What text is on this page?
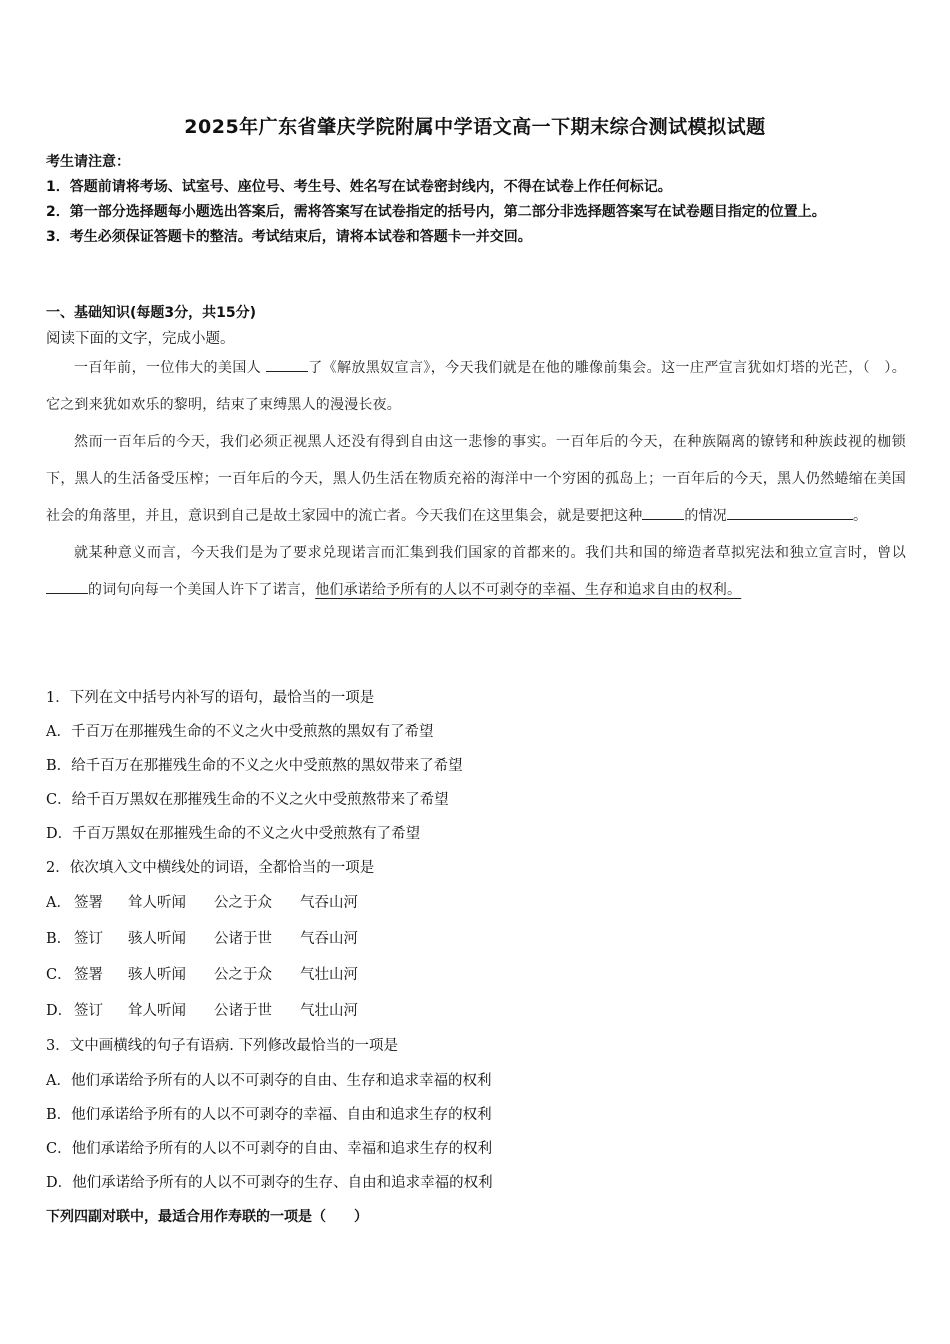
2025年广东省肇庆学院附属中学语文高一下期末综合测试模拟试题
考生请注意：
1．答题前请将考场、试室号、座位号、考生号、姓名写在试卷密封线内，不得在试卷上作任何标记。
2．第一部分选择题每小题选出答案后，需将答案写在试卷指定的括号内，第二部分非选择题答案写在试卷题目指定的位置上。
3．考生必须保证答题卡的整洁。考试结束后，请将本试卷和答题卡一并交回。
一、基础知识(每题3分，共15分)
阅读下面的文字，完成小题。

一百年前，一位伟大的美国人	了《解放黑奴宣言》，今天我们就是在他的雕像前集会。这一庄严宣言犹如灯塔的光芒，（　）。它之到来犹如欢乐的黎明，结束了束缚黑人的漫漫长夜。

然而一百年后的今天，我们必须正视黑人还没有得到自由这一悲惨的事实。一百年后的今天，在种族隔离的镣铐和种族歧视的枷锁下，黑人的生活备受压榨；一百年后的今天，黑人仍生活在物质充裕的海洋中一个穷困的孤岛上；一百年后的今天，黑人仍然蜷缩在美国社会的角落里，并且，意识到自己是故土家园中的流亡者。今天我们在这里集会，就是要把这种	的情况	。

就某种意义而言，今天我们是为了要求兑现诺言而汇集到我们国家的首都来的。我们共和国的缔造者草拟宪法和独立宣言时，曾以的词句向每一个美国人许下了诺言，他们承诺给予所有的人以不可剥夺的幸福、生存和追求自由的权利。

1．下列在文中括号内补写的语句，最恰当的一项是
A．千百万在那摧残生命的不义之火中受煎熬的黑奴有了希望
B．给千百万在那摧残生命的不义之火中受煎熬的黑奴带来了希望
C．给千百万黑奴在那摧残生命的不义之火中受煎熬带来了希望
D．千百万黑奴在那摧残生命的不义之火中受煎熬有了希望
2．依次填入文中横线处的词语，全都恰当的一项是
A． 签署 耸人听闻 公之于众 气吞山河
B． 签订 骇人听闻 公诸于世 气吞山河
C． 签署 骇人听闻 公之于众 气壮山河
D． 签订 耸人听闻 公诸于世 气壮山河
3．文中画横线的句子有语病. 下列修改最恰当的一项是
A．他们承诺给予所有的人以不可剥夺的自由、生存和追求幸福的权利
B．他们承诺给予所有的人以不可剥夺的幸福、自由和追求生存的权利
C．他们承诺给予所有的人以不可剥夺的自由、幸福和追求生存的权利
D．他们承诺给予所有的人以不可剥夺的生存、自由和追求幸福的权利
下列四副对联中，最适合用作寿联的一项是（　　）
